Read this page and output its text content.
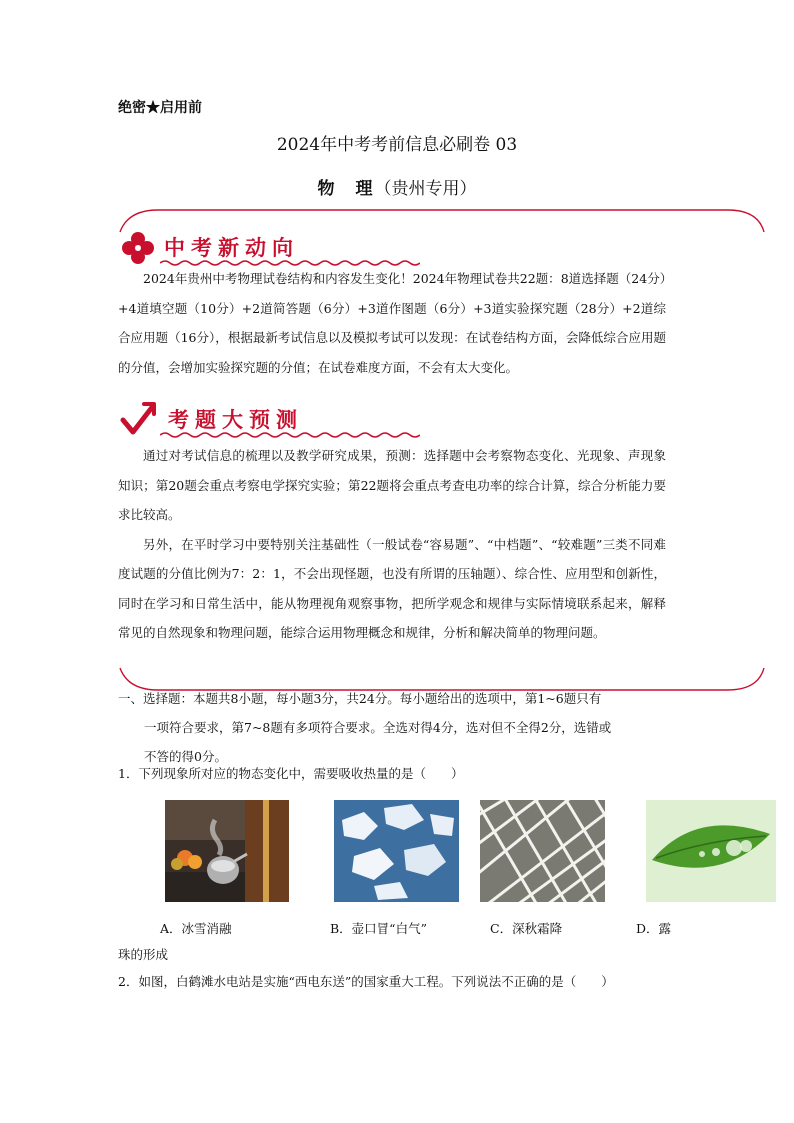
绝密★启用前
2024年中考考前信息必刷卷 03
物　理（贵州专用）
中考新动向

2024年贵州中考物理试卷结构和内容发生变化！2024年物理试卷共22题：8道选择题（24分）+4道填空题（10分）+2道简答题（6分）+3道作图题（6分）+3道实验探究题（28分）+2道综合应用题（16分），根据最新考试信息以及模拟考试可以发现：在试卷结构方面，会降低综合应用题的分值，会增加实验探究题的分值；在试卷难度方面，不会有太大变化。

考题大预测

通过对考试信息的梳理以及教学研究成果，预测：选择题中会考察物态变化、光现象、声现象知识；第20题会重点考察电学探究实验；第22题将会重点考查电功率的综合计算，综合分析能力要求比较高。

另外，在平时学习中要特别关注基础性（一般试卷“容易题”、“中档题”、“较难题”三类不同难度试题的分值比例为7：2：1，不会出现怪题，也没有所谓的压轴题）、综合性、应用型和创新性，同时在学习和日常生活中，能从物理视角观察事物，把所学观念和规律与实际情境联系起来，解释常见的自然现象和物理问题，能综合运用物理概念和规律，分析和解决简单的物理问题。

一、选择题：本题共8小题，每小题3分，共24分。每小题给出的选项中，第1~6题只有
一项符合要求，第7~8题有多项符合要求。全选对得4分，选对但不全得2分，选错或
不答的得0分。
1．下列现象所对应的物态变化中，需要吸收热量的是（　　）
A．冰雪消融	B．壶口冒“白气”	C．深秋霜降	D．露
珠的形成
2．如图，白鹤滩水电站是实施“西电东送”的国家重大工程。下列说法不正确的是（　　）
